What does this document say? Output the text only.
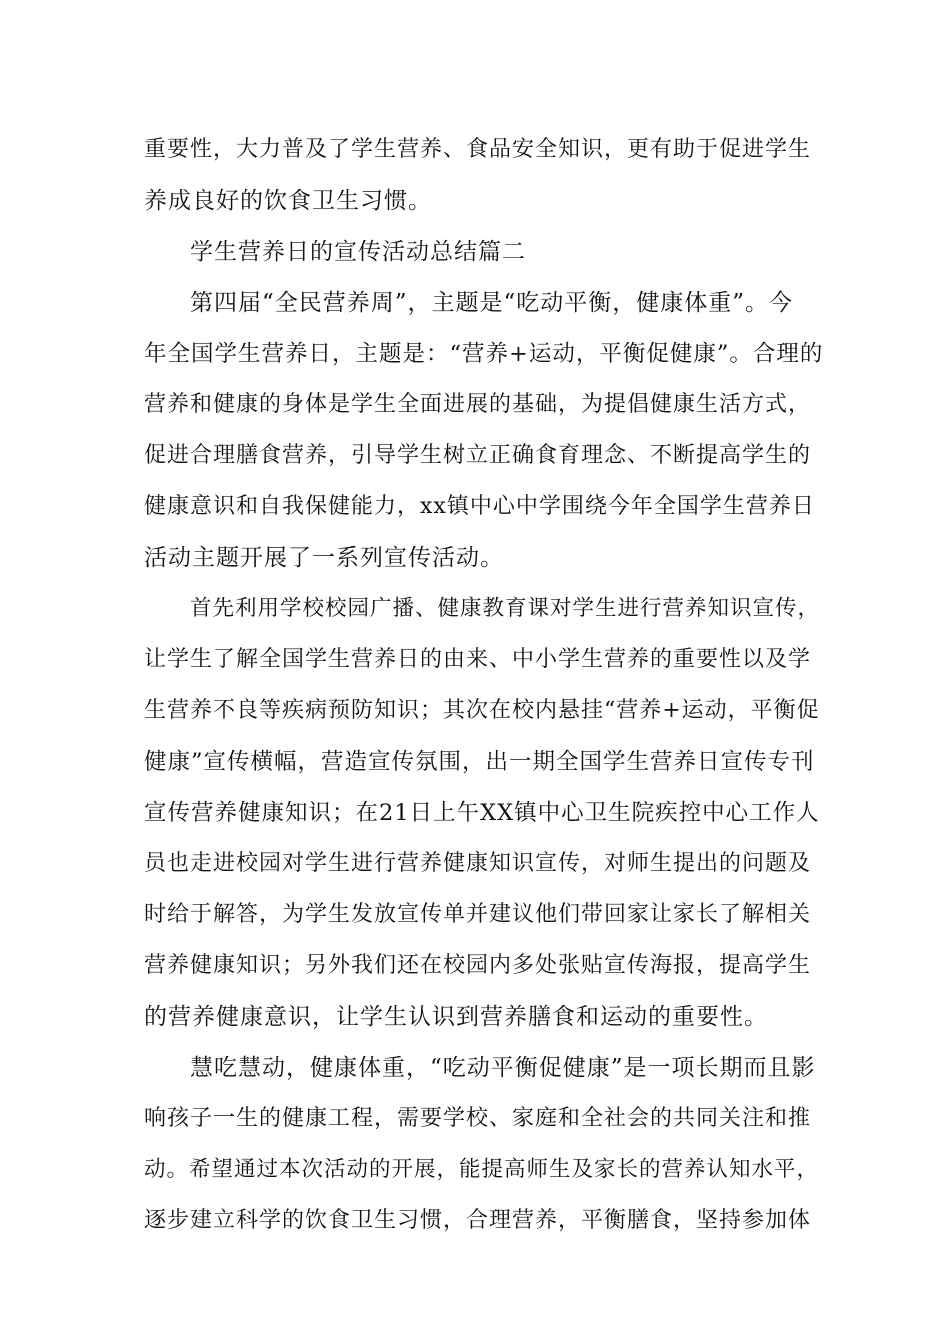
重要性，大力普及了学生营养、食品安全知识，更有助于促进学生
养成良好的饮食卫生习惯。
学生营养日的宣传活动总结篇二
第四届“全民营养周”，主题是“吃动平衡，健康体重”。今
年全国学生营养日，主题是：“营养+运动，平衡促健康”。合理的
营养和健康的身体是学生全面进展的基础，为提倡健康生活方式，
促进合理膳食营养，引导学生树立正确食育理念、不断提高学生的
健康意识和自我保健能力，xx镇中心中学围绕今年全国学生营养日
活动主题开展了一系列宣传活动。
首先利用学校校园广播、健康教育课对学生进行营养知识宣传，
让学生了解全国学生营养日的由来、中小学生营养的重要性以及学
生营养不良等疾病预防知识；其次在校内悬挂“营养+运动，平衡促
健康”宣传横幅，营造宣传氛围，出一期全国学生营养日宣传专刊
宣传营养健康知识；在21日上午XX镇中心卫生院疾控中心工作人
员也走进校园对学生进行营养健康知识宣传，对师生提出的问题及
时给于解答，为学生发放宣传单并建议他们带回家让家长了解相关
营养健康知识；另外我们还在校园内多处张贴宣传海报，提高学生
的营养健康意识，让学生认识到营养膳食和运动的重要性。
慧吃慧动，健康体重，“吃动平衡促健康”是一项长期而且影
响孩子一生的健康工程，需要学校、家庭和全社会的共同关注和推
动。希望通过本次活动的开展，能提高师生及家长的营养认知水平，
逐步建立科学的饮食卫生习惯，合理营养，平衡膳食，坚持参加体
